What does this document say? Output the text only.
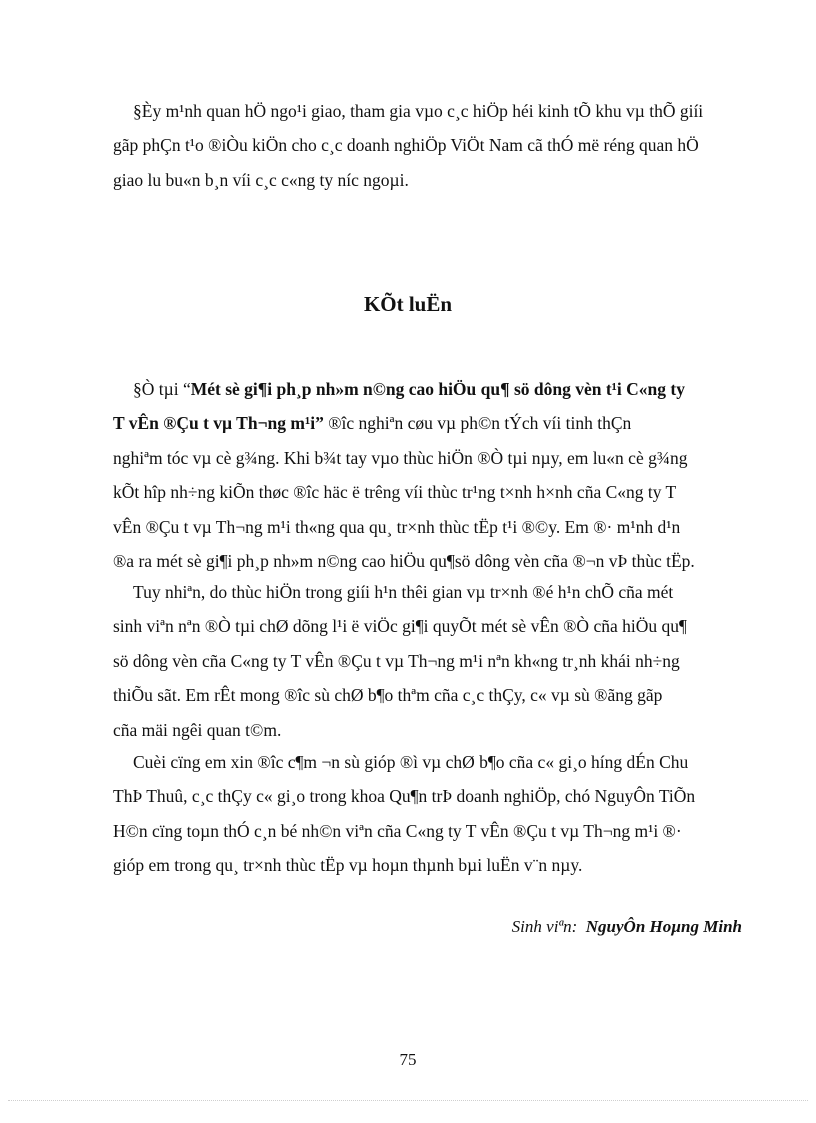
§Èy m¹nh quan hÖ ngo¹i giao, tham gia vµo c¸c hiÖp héi kinh tÕ khu vµ thÕ giíi
gãp phÇn t¹o ®iÒu kiÖn cho c¸c doanh nghiÖp ViÖt Nam cã thÓ më réng quan hÖ
giao lu bu«n b¸n víi c¸c c«ng ty níc ngoµi.

KÕt luËn

§Ò tµi “Mét sè gi¶i ph¸p nh»m n©ng cao hiÖu qu¶ sö dông vèn t¹i C«ng ty
T vÊn ®Çu t vµ Th¬ng m¹i” ®îc nghiªn cøu vµ ph©n tÝch víi tinh thÇn
nghiªm tóc vµ cè g¾ng. Khi b¾t tay vµo thùc hiÖn ®Ò tµi nµy, em lu«n cè g¾ng
kÕt hîp nh÷ng kiÕn thøc ®îc häc ë trêng víi thùc tr¹ng t×nh h×nh cña C«ng ty T
vÊn ®Çu t vµ Th¬ng m¹i th«ng qua qu¸ tr×nh thùc tËp t¹i ®©y. Em ®· m¹nh d¹n
®a ra mét sè gi¶i ph¸p nh»m n©ng cao hiÖu qu¶sö dông vèn cña ®¬n vÞ thùc tËp.

Tuy nhiªn, do thùc hiÖn trong giíi h¹n thêi gian vµ tr×nh ®é h¹n chÕ cña mét
sinh viªn nªn ®Ò tµi chØ dõng l¹i ë viÖc gi¶i quyÕt mét sè vÊn ®Ò cña hiÖu qu¶
sö dông vèn cña C«ng ty T vÊn ®Çu t vµ Th¬ng m¹i nªn kh«ng tr¸nh khái nh÷ng
thiÕu sãt. Em rÊt mong ®îc sù chØ b¶o thªm cña c¸c thÇy, c« vµ sù ®ãng gãp
cña mäi ngêi quan t©m.

Cuèi cïng em xin ®îc c¶m ¬n sù gióp ®ì vµ chØ b¶o cña c« gi¸o híng dÉn Chu
ThÞ Thuû, c¸c thÇy c« gi¸o trong khoa Qu¶n trÞ doanh nghiÖp, chó NguyÔn TiÕn
H©n cïng toµn thÓ c¸n bé nh©n viªn cña C«ng ty T vÊn ®Çu t vµ Th¬ng m¹i ®·
gióp em trong qu¸ tr×nh thùc tËp vµ hoµn thµnh bµi luËn v¨n nµy.

Sinh viªn: NguyÔn Hoµng Minh
75
